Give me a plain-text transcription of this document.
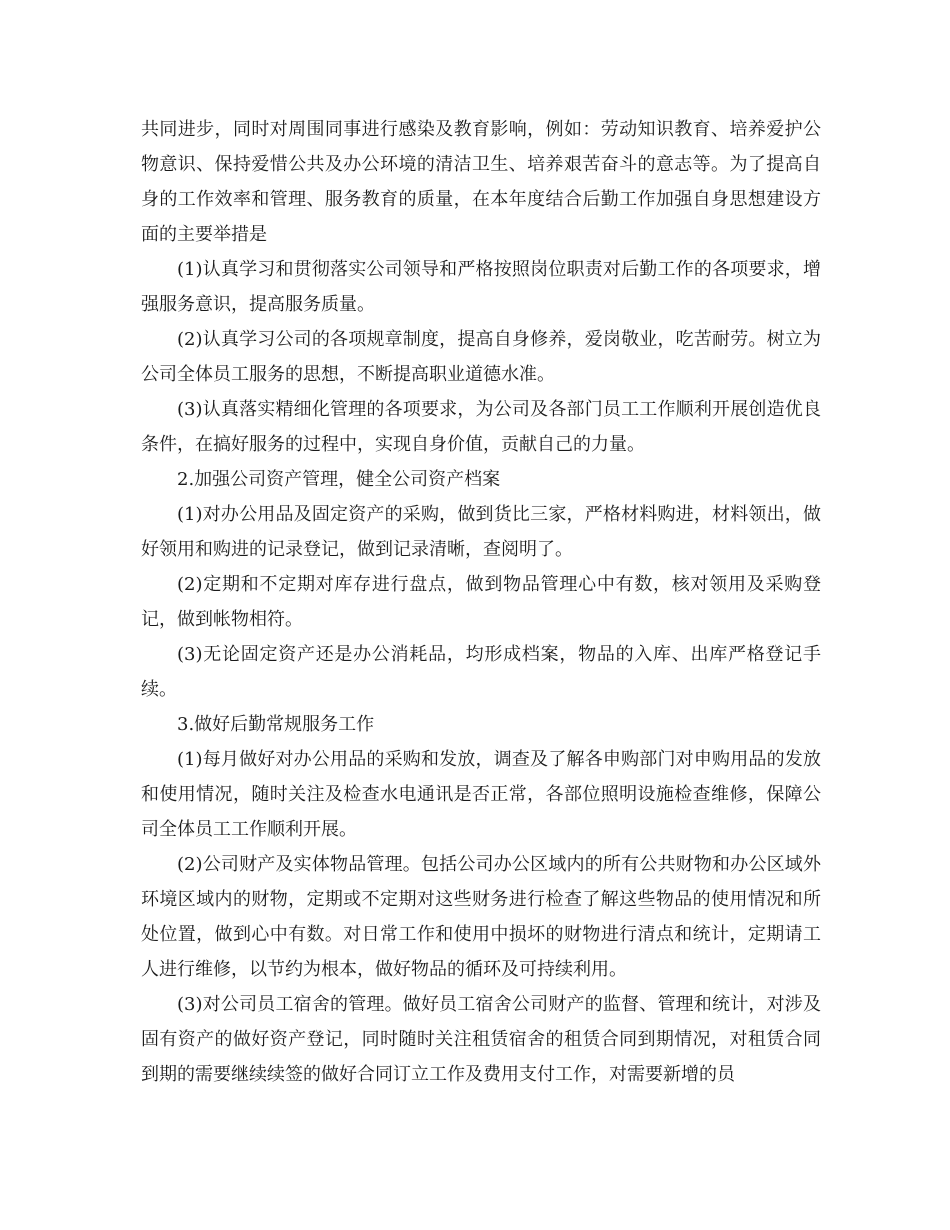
共同进步，同时对周围同事进行感染及教育影响，例如：劳动知识教育、培养爱护公物意识、保持爱惜公共及办公环境的清洁卫生、培养艰苦奋斗的意志等。为了提高自身的工作效率和管理、服务教育的质量，在本年度结合后勤工作加强自身思想建设方面的主要举措是

(1)认真学习和贯彻落实公司领导和严格按照岗位职责对后勤工作的各项要求，增强服务意识，提高服务质量。

(2)认真学习公司的各项规章制度，提高自身修养，爱岗敬业，吃苦耐劳。树立为公司全体员工服务的思想，不断提高职业道德水准。

(3)认真落实精细化管理的各项要求，为公司及各部门员工工作顺利开展创造优良条件，在搞好服务的过程中，实现自身价值，贡献自己的力量。

2.加强公司资产管理，健全公司资产档案

(1)对办公用品及固定资产的采购，做到货比三家，严格材料购进，材料领出，做好领用和购进的记录登记，做到记录清晰，查阅明了。

(2)定期和不定期对库存进行盘点，做到物品管理心中有数，核对领用及采购登记，做到帐物相符。

(3)无论固定资产还是办公消耗品，均形成档案，物品的入库、出库严格登记手续。

3.做好后勤常规服务工作

(1)每月做好对办公用品的采购和发放，调查及了解各申购部门对申购用品的发放和使用情况，随时关注及检查水电通讯是否正常，各部位照明设施检查维修，保障公司全体员工工作顺利开展。

(2)公司财产及实体物品管理。包括公司办公区域内的所有公共财物和办公区域外环境区域内的财物，定期或不定期对这些财务进行检查了解这些物品的使用情况和所处位置，做到心中有数。对日常工作和使用中损坏的财物进行清点和统计，定期请工人进行维修，以节约为根本，做好物品的循环及可持续利用。

(3)对公司员工宿舍的管理。做好员工宿舍公司财产的监督、管理和统计，对涉及固有资产的做好资产登记，同时随时关注租赁宿舍的租赁合同到期情况，对租赁合同到期的需要继续续签的做好合同订立工作及费用支付工作，对需要新增的员
